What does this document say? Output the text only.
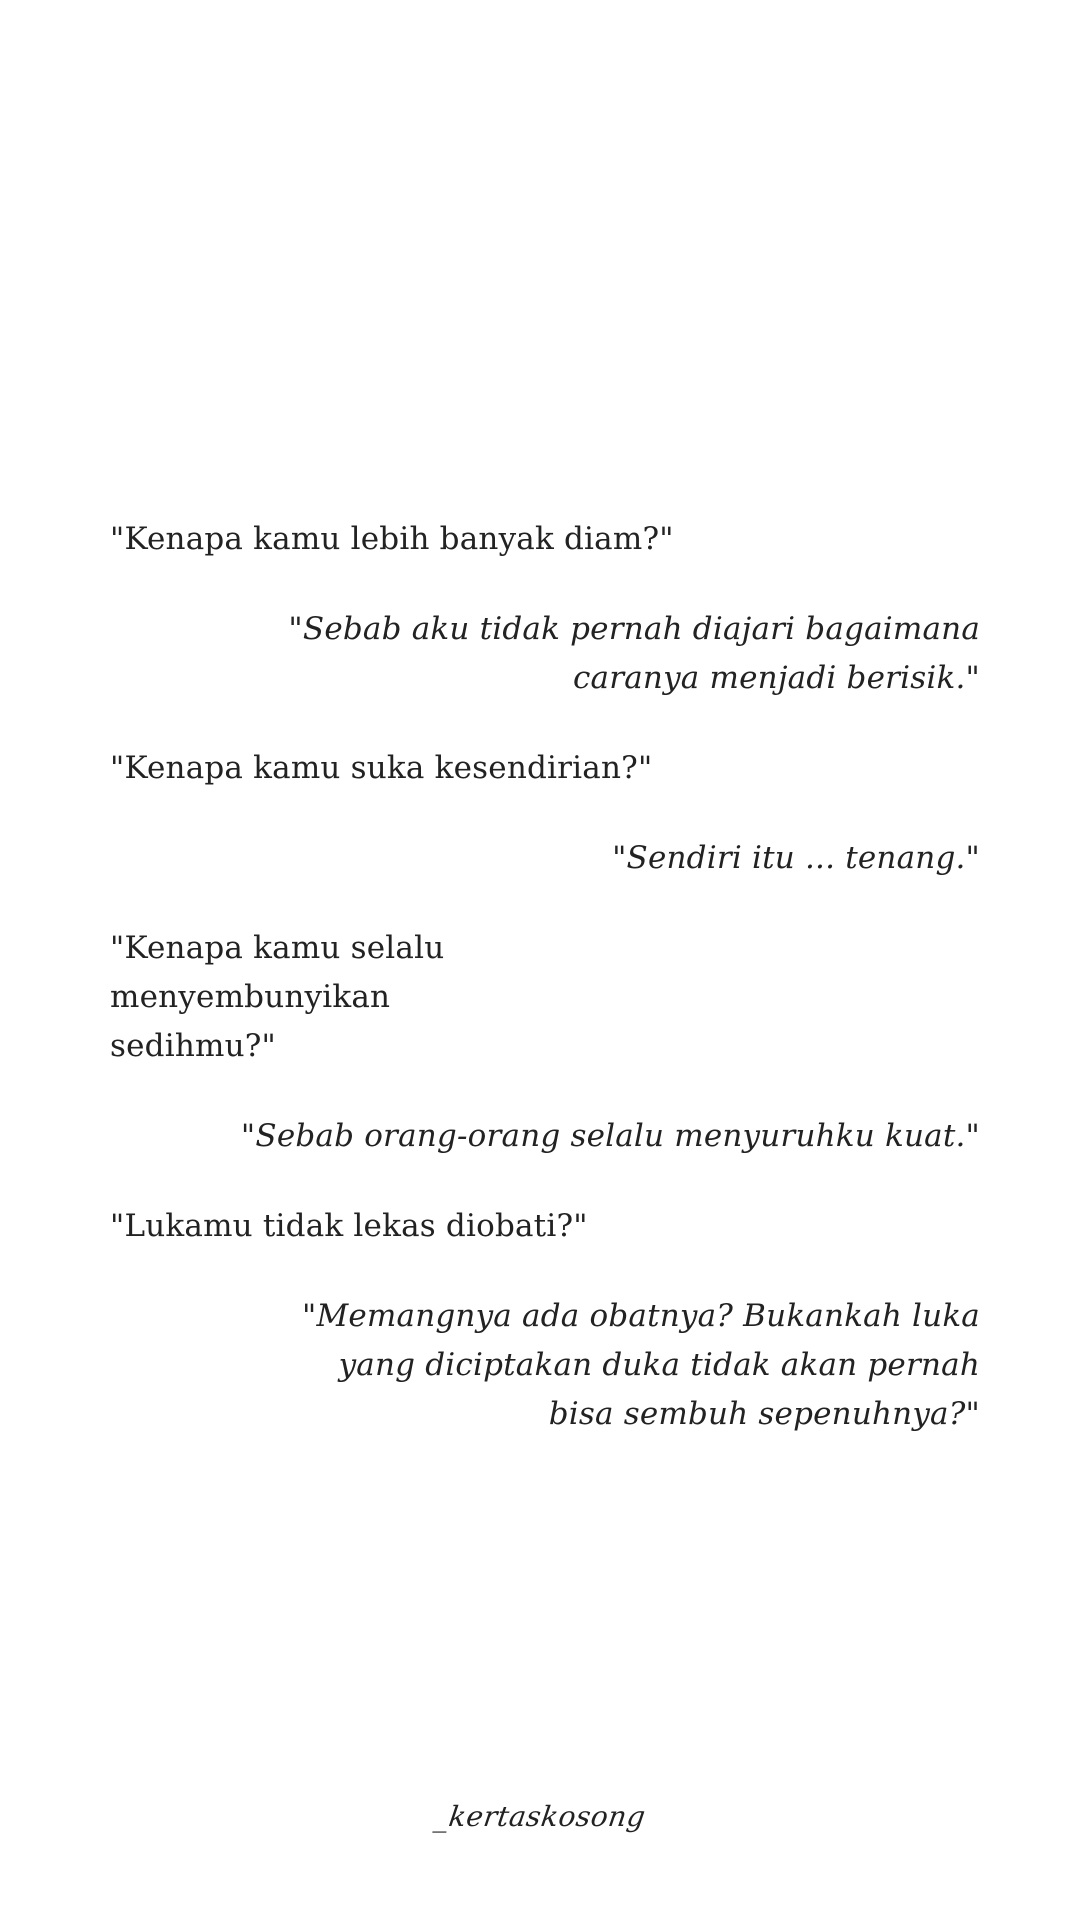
"Kenapa kamu lebih banyak diam?"

"Sebab aku tidak pernah diajari bagaimana
caranya menjadi berisik."

"Kenapa kamu suka kesendirian?"

"Sendiri itu ... tenang."

"Kenapa kamu selalu menyembunyikan
sedihmu?"

"Sebab orang-orang selalu menyuruhku kuat."

"Lukamu tidak lekas diobati?"

"Memangnya ada obatnya? Bukankah luka
yang diciptakan duka tidak akan pernah
bisa sembuh sepenuhnya?"

_kertaskosong
